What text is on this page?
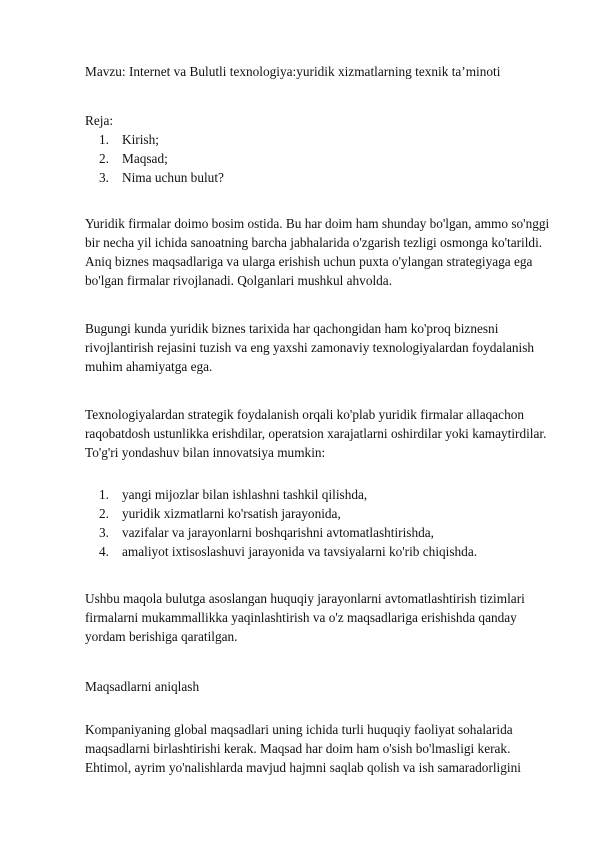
Mavzu: Internet va Bulutli texnologiya:yuridik xizmatlarning texnik taʼminoti

Reja:

1. Kirish;
2. Maqsad;
3. Nima uchun bulut?

Yuridik firmalar doimo bosim ostida. Bu har doim ham shunday bo'lgan, ammo so'nggi bir necha yil ichida sanoatning barcha jabhalarida o'zgarish tezligi osmonga ko'tarildi. Aniq biznes maqsadlariga va ularga erishish uchun puxta o'ylangan strategiyaga ega bo'lgan firmalar rivojlanadi. Qolganlari mushkul ahvolda.

Bugungi kunda yuridik biznes tarixida har qachongidan ham ko'proq biznesni rivojlantirish rejasini tuzish va eng yaxshi zamonaviy texnologiyalardan foydalanish muhim ahamiyatga ega.

Texnologiyalardan strategik foydalanish orqali ko'plab yuridik firmalar allaqachon raqobatdosh ustunlikka erishdilar, operatsion xarajatlarni oshirdilar yoki kamaytirdilar. To'g'ri yondashuv bilan innovatsiya mumkin:

1. yangi mijozlar bilan ishlashni tashkil qilishda,
2. yuridik xizmatlarni ko'rsatish jarayonida,
3. vazifalar va jarayonlarni boshqarishni avtomatlashtirishda,
4. amaliyot ixtisoslashuvi jarayonida va tavsiyalarni ko'rib chiqishda.

Ushbu maqola bulutga asoslangan huquqiy jarayonlarni avtomatlashtirish tizimlari firmalarni mukammallikka yaqinlashtirish va o'z maqsadlariga erishishda qanday yordam berishiga qaratilgan.

Maqsadlarni aniqlash

Kompaniyaning global maqsadlari uning ichida turli huquqiy faoliyat sohalarida maqsadlarni birlashtirishi kerak. Maqsad har doim ham o'sish bo'lmasligi kerak. Ehtimol, ayrim yo'nalishlarda mavjud hajmni saqlab qolish va ish samaradorligini
